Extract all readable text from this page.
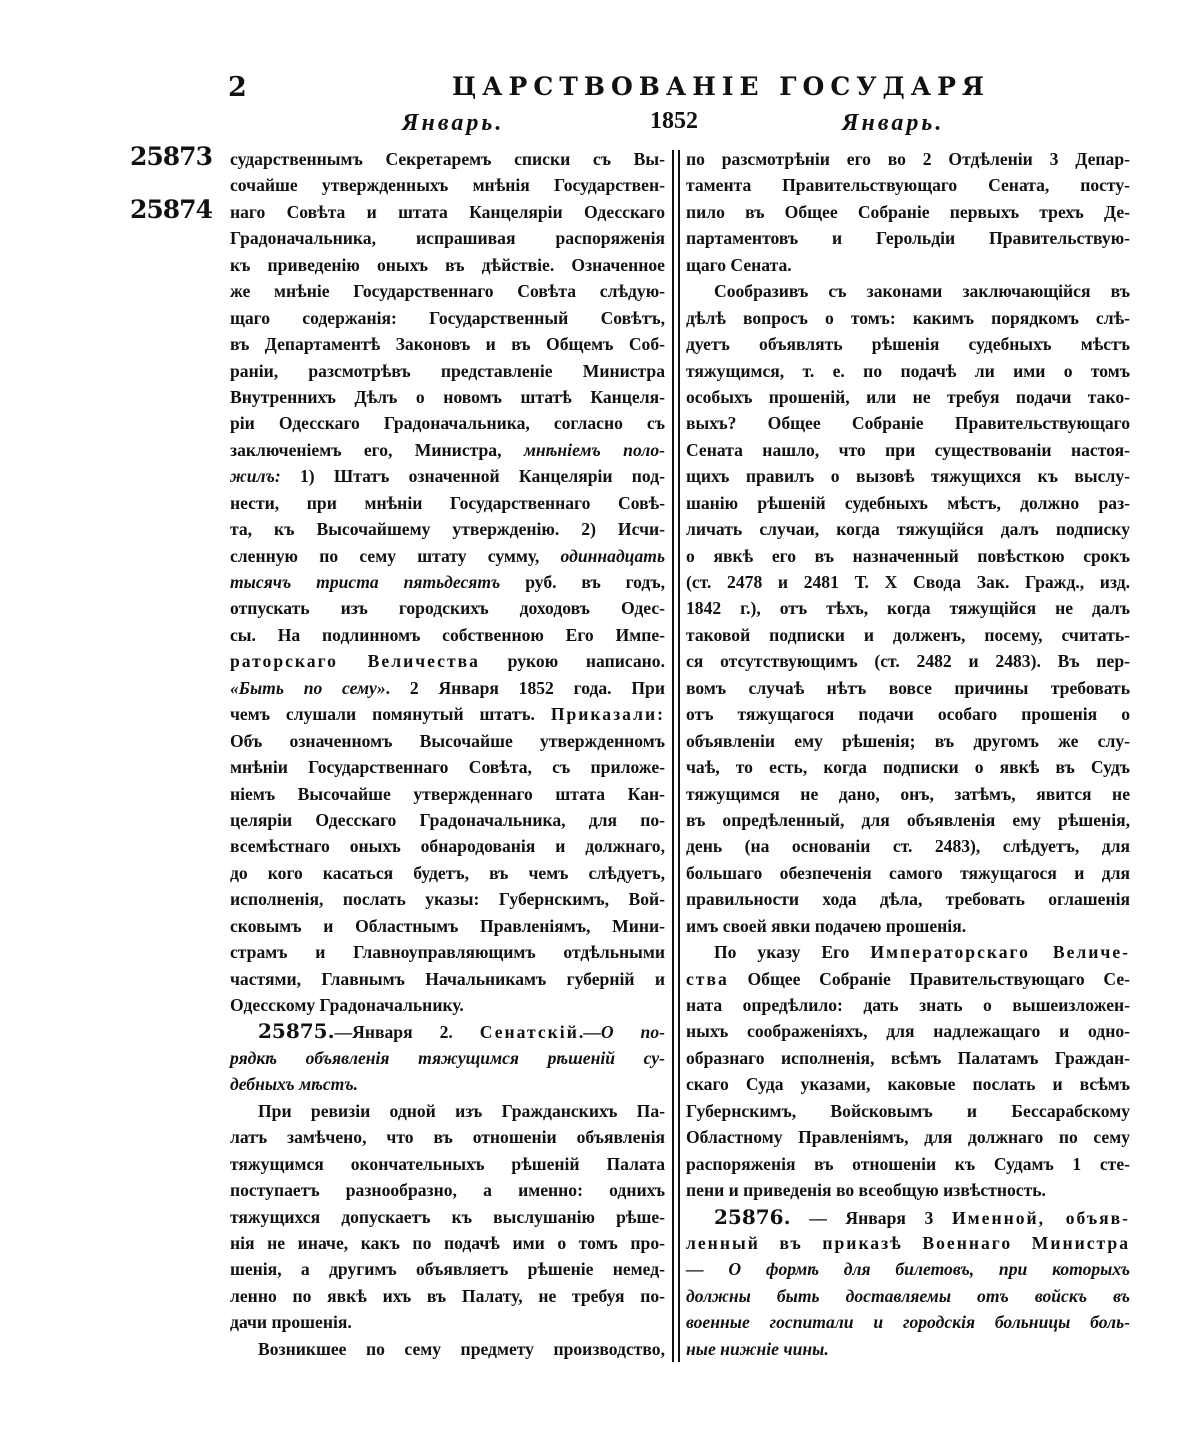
2	ЦАРСТВОВАНІЕ ГОСУДАРЯ
Январь.	1852	Январь.
25873
25874
сударственнымъ Секретаремъ списки съ Вы-
сочайше утвержденныхъ мнѣнія Государствен-
наго Совѣта и штата Канцеляріи Одесскаго
Градоначальника, испрашивая распоряженія
къ приведенію оныхъ въ дѣйствіе. Означенное
же мнѣніе Государственнаго Совѣта слѣдую-
щаго содержанія: Государственный Совѣтъ,
въ Департаментѣ Законовъ и въ Общемъ Соб-
раніи, разсмотрѣвъ представленіе Министра
Внутреннихъ Дѣлъ о новомъ штатѣ Канцеля-
ріи Одесскаго Градоначальника, согласно съ
заключеніемъ его, Министра, мнѣніемъ поло-
жилъ: 1) Штатъ означенной Канцеляріи под-
нести, при мнѣніи Государственнаго Совѣ-
та, къ Высочайшему утвержденію. 2) Исчи-
сленную по сему штату сумму, одиннадцать
тысячъ триста пятьдесятъ руб. въ годъ,
отпускать изъ городскихъ доходовъ Одес-
сы. На подлинномъ собственною Его Импе-
раторскаго Величества рукою написано.
«Быть по сему». 2 Января 1852 года. При
чемъ слушали помянутый штатъ. Приказали:
Объ означенномъ Высочайше утвержденномъ
мнѣніи Государственнаго Совѣта, съ приложе-
ніемъ Высочайше утвержденнаго штата Кан-
целяріи Одесскаго Градоначальника, для по-
всемѣстнаго оныхъ обнародованія и должнаго,
до кого касаться будетъ, въ чемъ слѣдуетъ,
исполненія, послать указы: Губернскимъ, Вой-
сковымъ и Областнымъ Правленіямъ, Мини-
страмъ и Главноуправляющимъ отдѣльными
частями, Главнымъ Начальникамъ губерній и
Одесскому Градоначальнику.
25875.—Января 2. Сенатскій.—О по-
рядкѣ объявленія тяжущимся рѣшеній су-
дебныхъ мѣстъ.
При ревизіи одной изъ Гражданскихъ Па-
латъ замѣчено, что въ отношеніи объявленія
тяжущимся окончательныхъ рѣшеній Палата
поступаетъ разнообразно, а именно: однихъ
тяжущихся допускаетъ къ выслушанію рѣше-
нія не иначе, какъ по подачѣ ими о томъ про-
шенія, а другимъ объявляетъ рѣшеніе немед-
ленно по явкѣ ихъ въ Палату, не требуя по-
дачи прошенія.
Возникшее по сему предмету производство,
по разсмотрѣніи его во 2 Отдѣленіи 3 Депар-
тамента Правительствующаго Сената, посту-
пило въ Общее Собраніе первыхъ трехъ Де-
партаментовъ и Герольдіи Правительствую-
щаго Сената.
Сообразивъ съ законами заключающійся въ
дѣлѣ вопросъ о томъ: какимъ порядкомъ слѣ-
дуетъ объявлять рѣшенія судебныхъ мѣстъ
тяжущимся, т. е. по подачѣ ли ими о томъ
особыхъ прошеній, или не требуя подачи тако-
выхъ? Общее Собраніе Правительствующаго
Сената нашло, что при существованіи настоя-
щихъ правилъ о вызовѣ тяжущихся къ выслу-
шанію рѣшеній судебныхъ мѣстъ, должно раз-
личать случаи, когда тяжущійся далъ подписку
о явкѣ его въ назначенный повѣсткою срокъ
(ст. 2478 и 2481 Т. X Свода Зак. Гражд., изд.
1842 г.), отъ тѣхъ, когда тяжущійся не далъ
таковой подписки и долженъ, посему, считать-
ся отсутствующимъ (ст. 2482 и 2483). Въ пер-
вомъ случаѣ нѣтъ вовсе причины требовать
отъ тяжущагося подачи особаго прошенія о
объявленіи ему рѣшенія; въ другомъ же слу-
чаѣ, то есть, когда подписки о явкѣ въ Судъ
тяжущимся не дано, онъ, затѣмъ, явится не
въ опредѣленный, для объявленія ему рѣшенія,
день (на основаніи ст. 2483), слѣдуетъ, для
большаго обезпеченія самого тяжущагося и для
правильности хода дѣла, требовать оглашенія
имъ своей явки подачею прошенія.
По указу Его Императорскаго Величе-
ства Общее Собраніе Правительствующаго Се-
ната опредѣлило: дать знать о вышеизложен-
ныхъ соображеніяхъ, для надлежащаго и одно-
образнаго исполненія, всѣмъ Палатамъ Граждан-
скаго Суда указами, каковые послать и всѣмъ
Губернскимъ, Войсковымъ и Бессарабскому
Областному Правленіямъ, для должнаго по сему
распоряженія въ отношеніи къ Судамъ 1 сте-
пени и приведенія во всеобщую извѣстность.
25876. — Января 3 Именной, объяв-
ленный въ приказѣ Военнаго Министра
— О формѣ для билетовъ, при которыхъ
должны быть доставляемы отъ войскъ въ
военные госпитали и городскія больницы боль-
ные нижніе чины.
